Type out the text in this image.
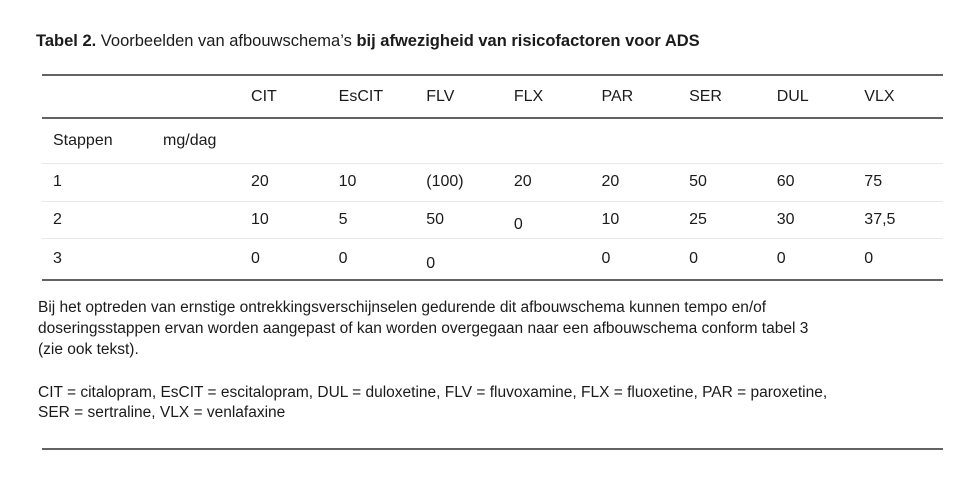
Tabel 2. Voorbeelden van afbouwschema’s bij afwezigheid van risicofactoren voor ADS
		CIT	EsCIT	FLV	FLX	PAR	SER	DUL	VLX
Stappen	mg/dag								
1		20	10	(100)	20	20	50	60	75
2		10	5	50	0	10	25	30	37,5
3		0	0	0		0	0	0	0
Bij het optreden van ernstige ontrekkingsverschijnselen gedurende dit afbouwschema kunnen tempo en/of
doseringsstappen ervan worden aangepast of kan worden overgegaan naar een afbouwschema conform tabel 3
(zie ook tekst).
CIT = citalopram, EsCIT = escitalopram, DUL = duloxetine, FLV = fluvoxamine, FLX = fluoxetine, PAR = paroxetine,
SER = sertraline, VLX = venlafaxine
